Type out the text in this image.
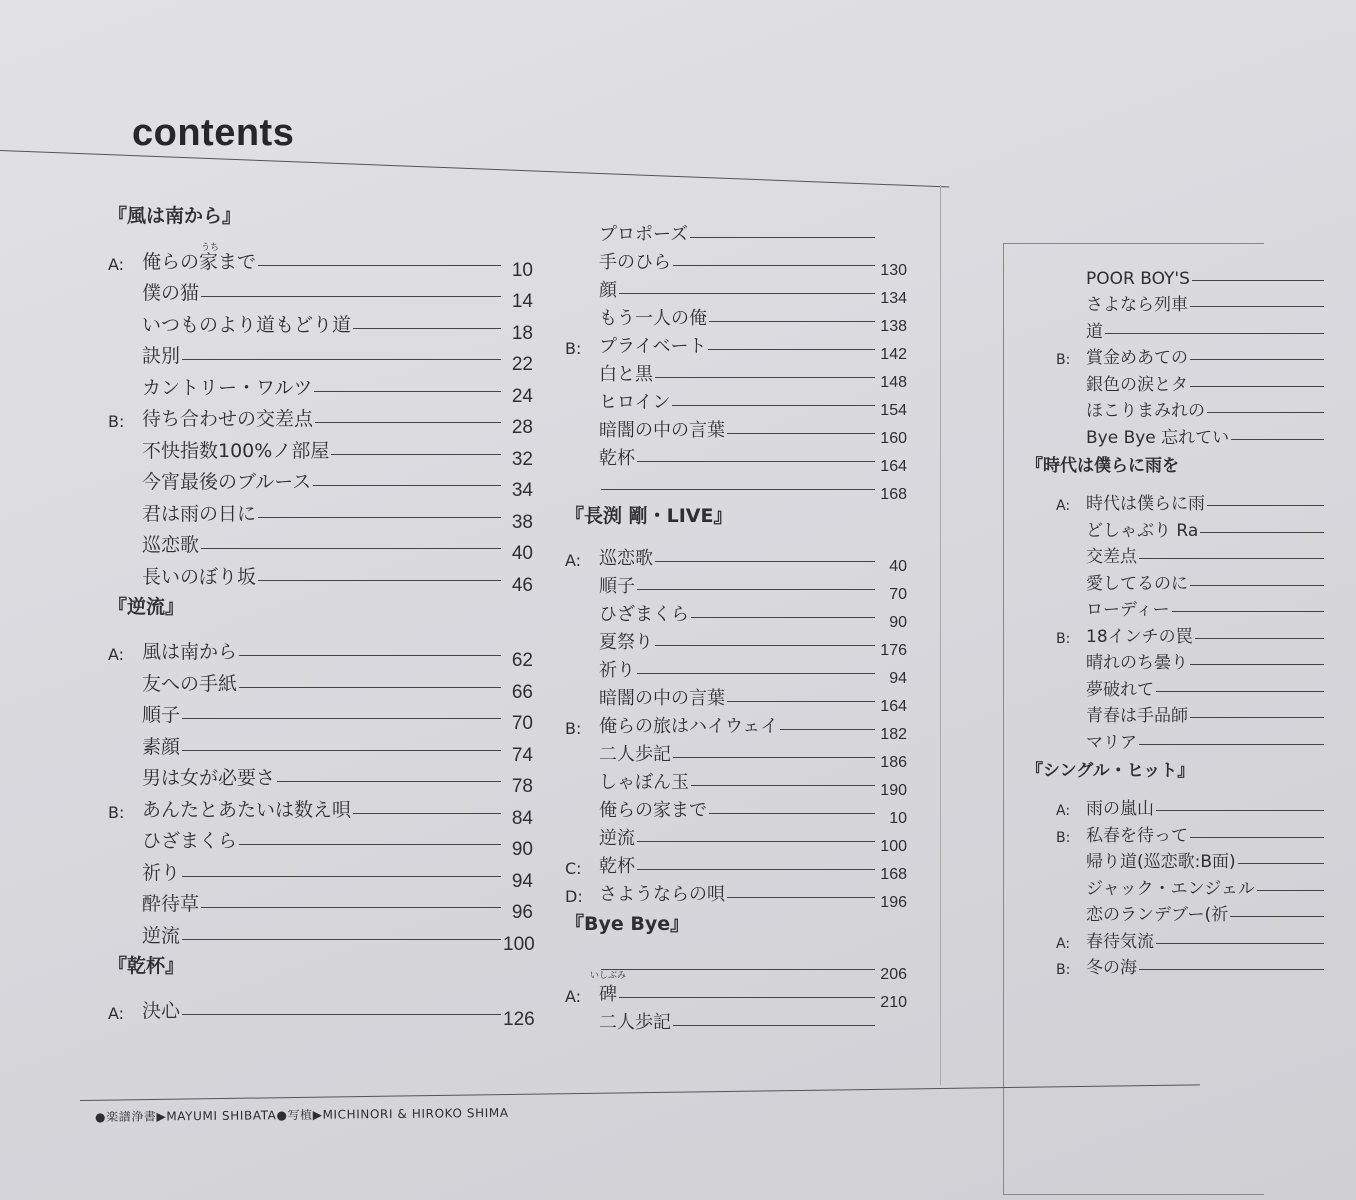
contents
『風は南から』
A: 俺らの家まで	10
うち
僕の猫	14
いつものより道もどり道	18
訣別	22
カントリー・ワルツ	24
B: 待ち合わせの交差点	28
不快指数100%ノ部屋	32
今宵最後のブルース	34
君は雨の日に	38
巡恋歌	40
長いのぼり坂	46
『逆流』
A: 風は南から	62
友への手紙	66
順子	70
素顔	74
男は女が必要さ	78
B: あんたとあたいは数え唄	84
ひざまくら	90
祈り	94
酔待草	96
逆流	100
『乾杯』
A: 決心	126
プロポーズ
手のひら	130
顔	134
もう一人の俺	138
B: プライベート	142
白と黒	148
ヒロイン	154
暗闇の中の言葉	160
乾杯	164
168
『長渕 剛・LIVE』
A: 巡恋歌	40
順子	70
ひざまくら	90
夏祭り	176
祈り	94
暗闇の中の言葉	164
B: 俺らの旅はハイウェイ	182
二人歩記	186
しゃぼん玉	190
俺らの家まで	10
逆流	100
C: 乾杯	168
D: さようならの唄	196
『Bye Bye』
206
A: 碑	210
いしぶみ
二人歩記
POOR BOY'S
さよなら列車
道
B: 賞金めあての
銀色の涙とタ
ほこりまみれの
Bye Bye 忘れてい
『時代は僕らに雨を
A: 時代は僕らに雨
どしゃぶり Ra
交差点
愛してるのに
ローディー
B: 18インチの罠
晴れのち曇り
夢破れて
青春は手品師
マリア
『シングル・ヒット』
A: 雨の嵐山
B: 私春を待って
帰り道(巡恋歌:B面)
ジャック・エンジェル
恋のランデブー(祈
A: 春待気流
B: 冬の海
●楽譜浄書▶MAYUMI SHIBATA●写植▶MICHINORI & HIROKO SHIMA
